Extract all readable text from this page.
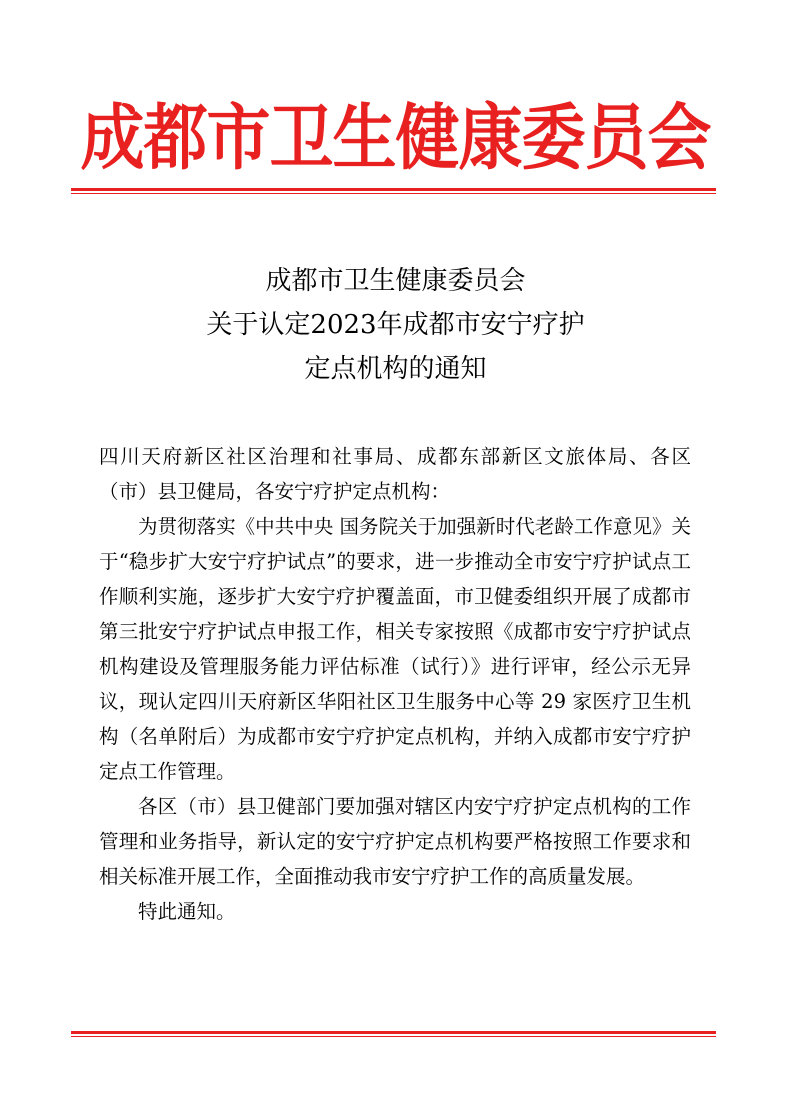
成都市卫生健康委员会
成都市卫生健康委员会
关于认定2023年成都市安宁疗护
定点机构的通知

四川天府新区社区治理和社事局、成都东部新区文旅体局、各区（市）县卫健局，各安宁疗护定点机构：

为贯彻落实《中共中央 国务院关于加强新时代老龄工作意见》关于“稳步扩大安宁疗护试点”的要求，进一步推动全市安宁疗护试点工作顺利实施，逐步扩大安宁疗护覆盖面，市卫健委组织开展了成都市第三批安宁疗护试点申报工作，相关专家按照《成都市安宁疗护试点机构建设及管理服务能力评估标准（试行）》进行评审，经公示无异议，现认定四川天府新区华阳社区卫生服务中心等 29 家医疗卫生机构（名单附后）为成都市安宁疗护定点机构，并纳入成都市安宁疗护定点工作管理。

各区（市）县卫健部门要加强对辖区内安宁疗护定点机构的工作管理和业务指导，新认定的安宁疗护定点机构要严格按照工作要求和相关标准开展工作，全面推动我市安宁疗护工作的高质量发展。

特此通知。
